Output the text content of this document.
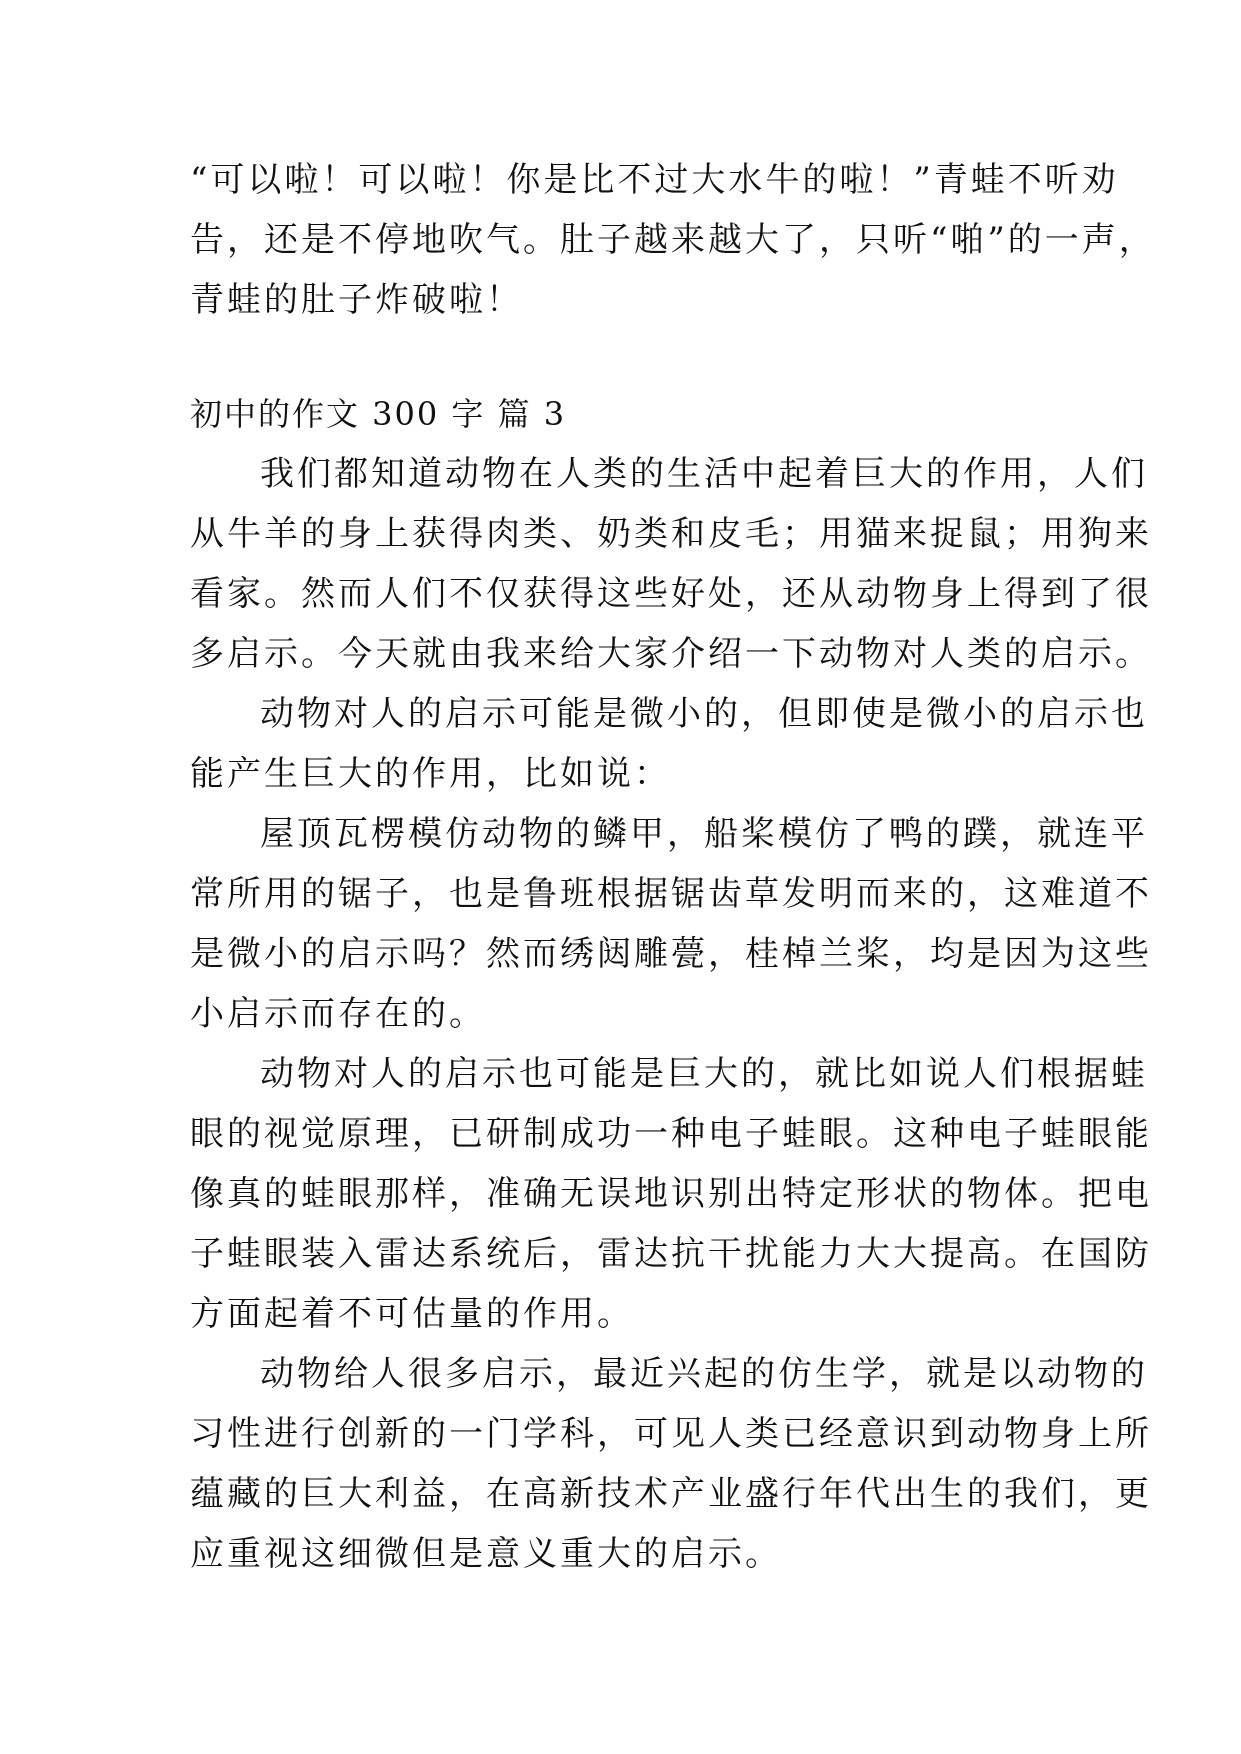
“可以啦！可以啦！你是比不过大水牛的啦！”青蛙不听劝
告，还是不停地吹气。肚子越来越大了，只听“啪”的一声，
青蛙的肚子炸破啦！
初中的作文 300 字 篇 3
我们都知道动物在人类的生活中起着巨大的作用，人们
从牛羊的身上获得肉类、奶类和皮毛；用猫来捉鼠；用狗来
看家。然而人们不仅获得这些好处，还从动物身上得到了很
多启示。今天就由我来给大家介绍一下动物对人类的启示。
动物对人的启示可能是微小的，但即使是微小的启示也
能产生巨大的作用，比如说：
屋顶瓦楞模仿动物的鳞甲，船桨模仿了鸭的蹼，就连平
常所用的锯子，也是鲁班根据锯齿草发明而来的，这难道不
是微小的启示吗？然而绣闼雕甍，桂棹兰桨，均是因为这些
小启示而存在的。
动物对人的启示也可能是巨大的，就比如说人们根据蛙
眼的视觉原理，已研制成功一种电子蛙眼。这种电子蛙眼能
像真的蛙眼那样，准确无误地识别出特定形状的物体。把电
子蛙眼装入雷达系统后，雷达抗干扰能力大大提高。在国防
方面起着不可估量的作用。
动物给人很多启示，最近兴起的仿生学，就是以动物的
习性进行创新的一门学科，可见人类已经意识到动物身上所
蕴藏的巨大利益，在高新技术产业盛行年代出生的我们，更
应重视这细微但是意义重大的启示。
